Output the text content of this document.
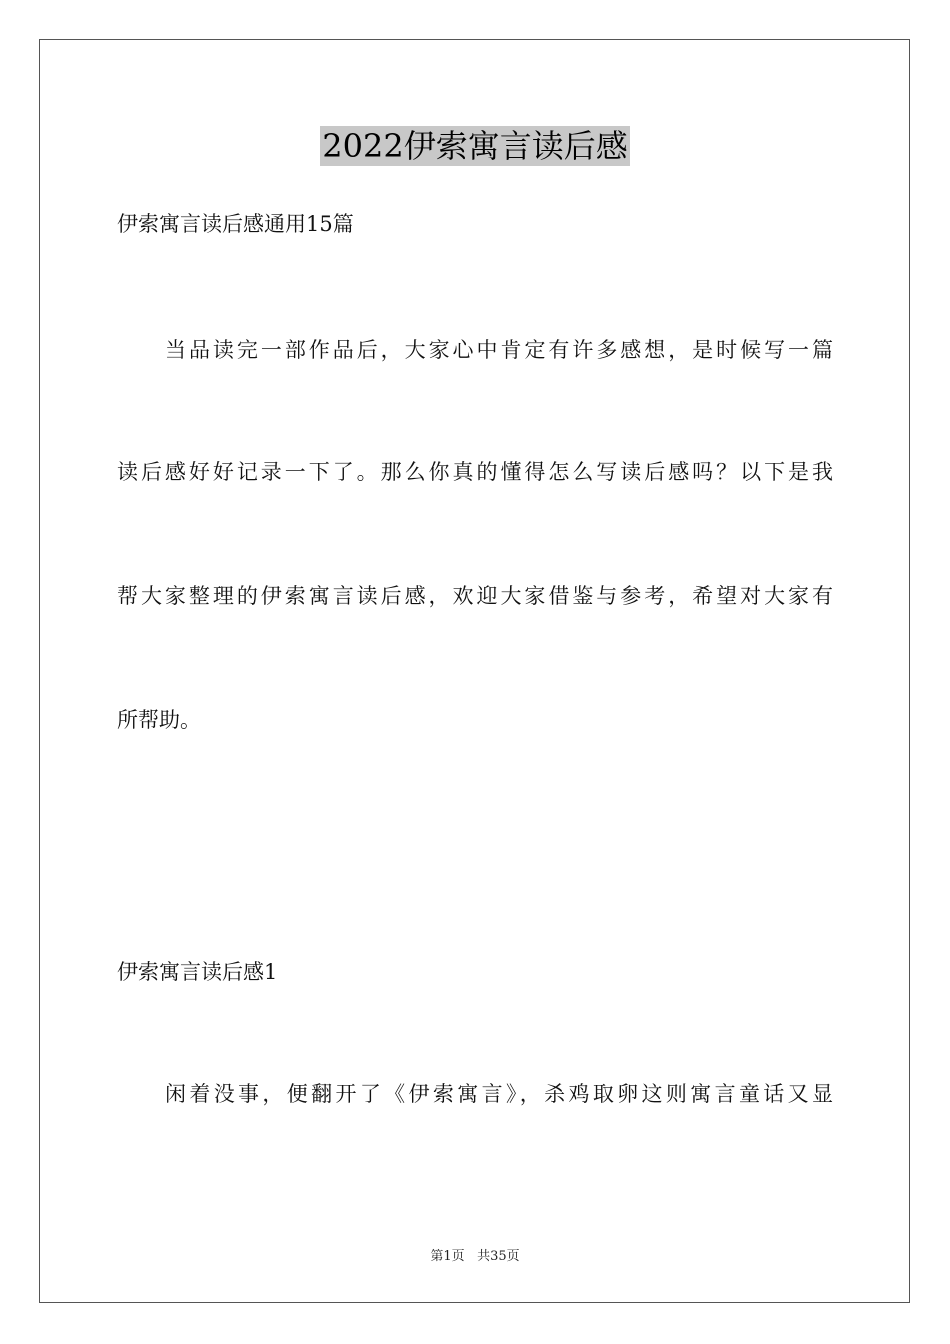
2022伊索寓言读后感
伊索寓言读后感通用15篇
当品读完一部作品后，大家心中肯定有许多感想，是时候写一篇
读后感好好记录一下了。那么你真的懂得怎么写读后感吗？以下是我
帮大家整理的伊索寓言读后感，欢迎大家借鉴与参考，希望对大家有
所帮助。
伊索寓言读后感1
闲着没事，便翻开了《伊索寓言》，杀鸡取卵这则寓言童话又显
第1页 共35页
